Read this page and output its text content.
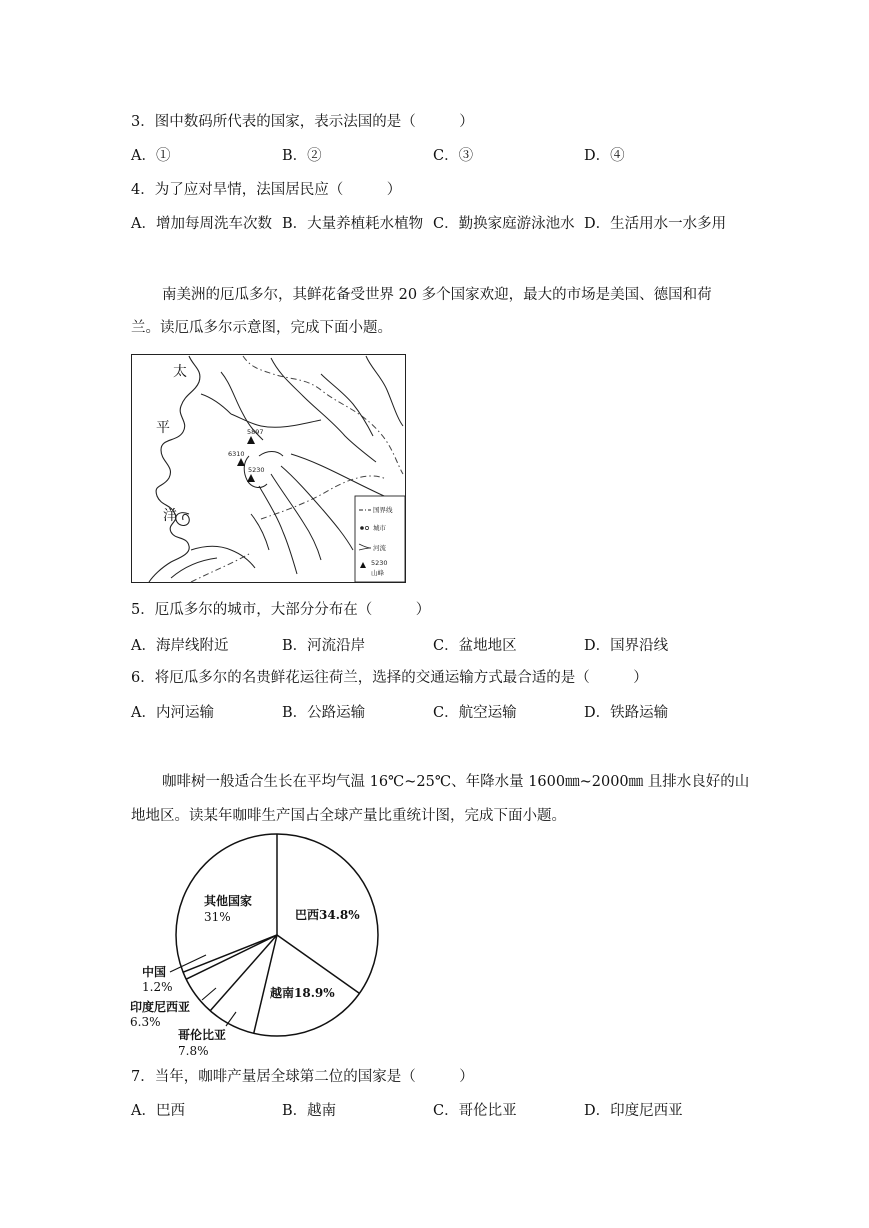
3．图中数码所代表的国家，表示法国的是（　　　）
A．①	B．②	C．③	D．④
4．为了应对旱情，法国居民应（　　　）
A．增加每周洗车次数 B．大量养植耗水植物 C．勤换家庭游泳池水 D．生活用水一水多用
南美洲的厄瓜多尔，其鲜花备受世界 20 多个国家欢迎，最大的市场是美国、德国和荷
兰。读厄瓜多尔示意图，完成下面小题。
5897
6310
5230
太
平
洋	国界线
城市
河流
5230
山峰
5．厄瓜多尔的城市，大部分分布在（　　　）
A．海岸线附近	B．河流沿岸	C．盆地地区	D．国界沿线
6．将厄瓜多尔的名贵鲜花运往荷兰，选择的交通运输方式最合适的是（　　　）
A．内河运输	B．公路运输	C．航空运输	D．铁路运输
咖啡树一般适合生长在平均气温 16℃~25℃、年降水量 1600㎜~2000㎜ 且排水良好的山
地地区。读某年咖啡生产国占全球产量比重统计图，完成下面小题。
其他国家
31%	巴西34.8%
越南18.9%
中国
1.2%
印度尼西亚
6.3%
哥伦比亚
7.8%
7．当年，咖啡产量居全球第二位的国家是（　　　）
A．巴西	B．越南	C．哥伦比亚	D．印度尼西亚
